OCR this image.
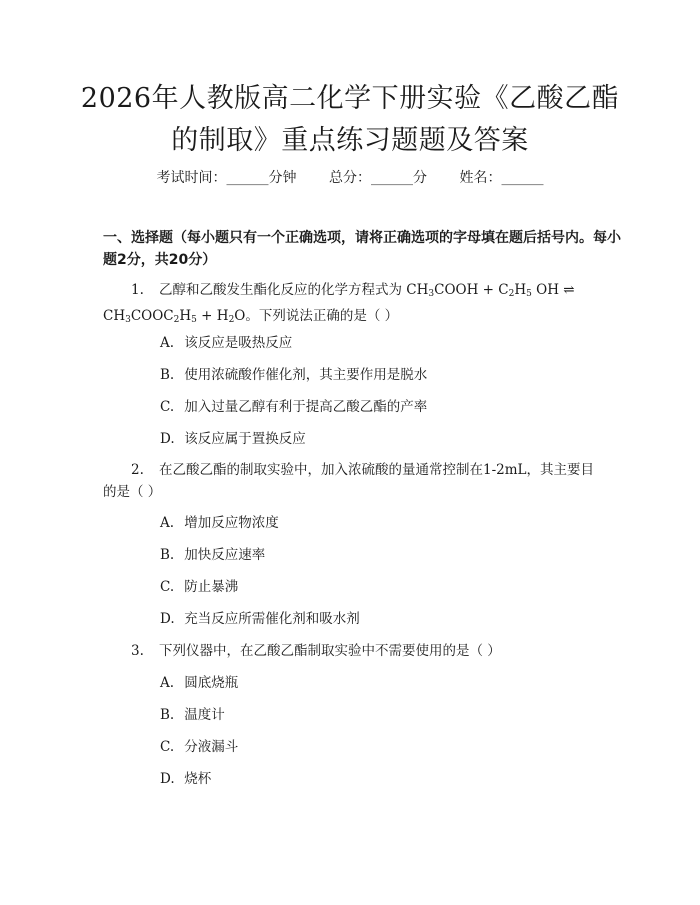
2026年人教版高二化学下册实验《乙酸乙酯
的制取》重点练习题题及答案
考试时间：______分钟 总分：______分 姓名：______
一、选择题（每小题只有一个正确选项，请将正确选项的字母填在题后括号内。每小题2分，共20分）
1. 乙醇和乙酸发生酯化反应的化学方程式为 $CH_3COOH + C_2H_5$ OH ⇌ $CH_3COOC_2H_5 + H_2O$。下列说法正确的是（ ）
A. 该反应是吸热反应
B. 使用浓硫酸作催化剂，其主要作用是脱水
C. 加入过量乙醇有利于提高乙酸乙酯的产率
D. 该反应属于置换反应
2. 在乙酸乙酯的制取实验中，加入浓硫酸的量通常控制在1-2mL，其主要目的是（ ）
A. 增加反应物浓度
B. 加快反应速率
C. 防止暴沸
D. 充当反应所需催化剂和吸水剂
3. 下列仪器中，在乙酸乙酯制取实验中不需要使用的是（ ）
A. 圆底烧瓶
B. 温度计
C. 分液漏斗
D. 烧杯
